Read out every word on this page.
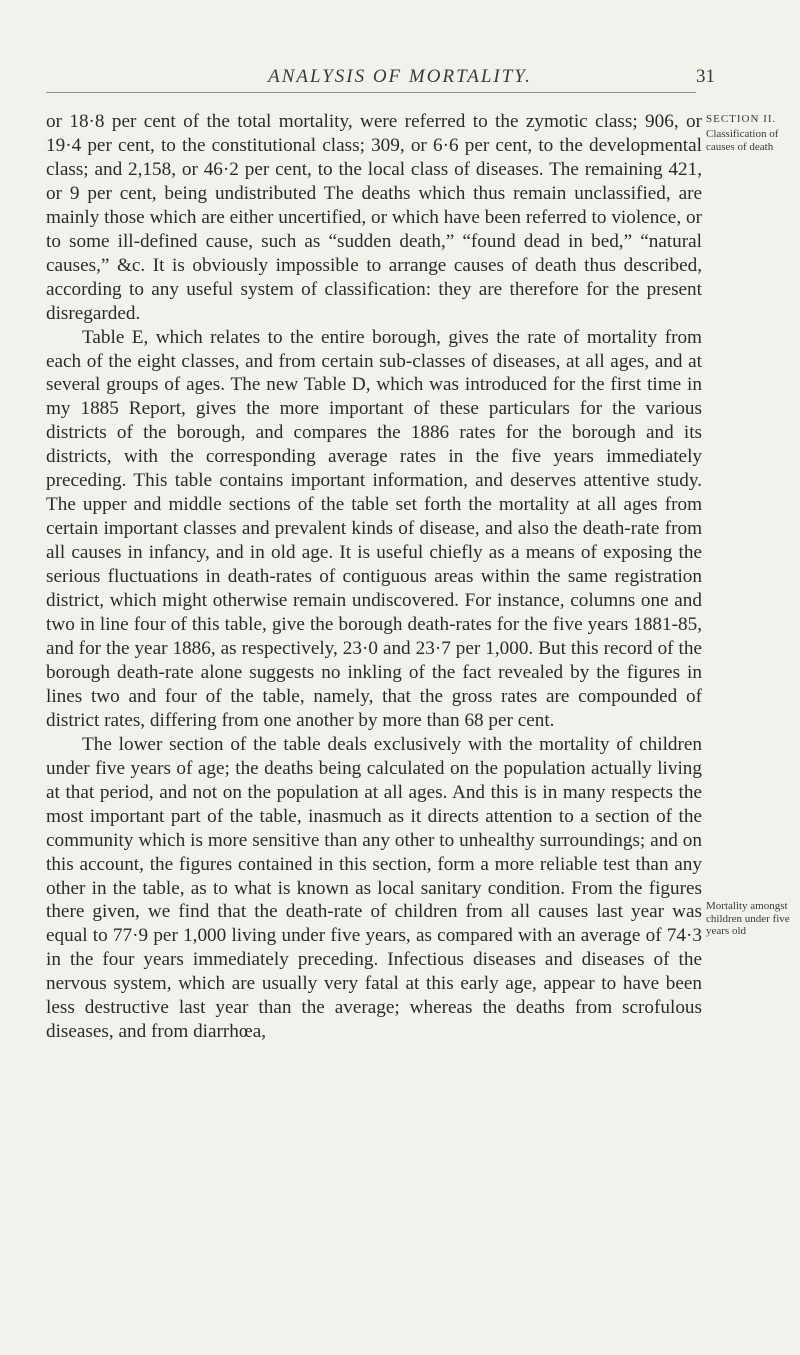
ANALYSIS OF MORTALITY.	31

or 18·8 per cent of the total mortality, were referred to the zymotic class; 906, or 19·4 per cent, to the constitutional class; 309, or 6·6 per cent, to the developmental class; and 2,158, or 46·2 per cent, to the local class of diseases. The remaining 421, or 9 per cent, being undistributed The deaths which thus remain unclassified, are mainly those which are either uncertified, or which have been referred to violence, or to some ill-defined cause, such as “sudden death,” “found dead in bed,” “natural causes,” &c. It is obviously impossible to arrange causes of death thus described, according to any useful system of classification: they are therefore for the present disregarded.

Table E, which relates to the entire borough, gives the rate of mortality from each of the eight classes, and from certain sub-classes of diseases, at all ages, and at several groups of ages. The new Table D, which was introduced for the first time in my 1885 Report, gives the more important of these particulars for the various districts of the borough, and compares the 1886 rates for the borough and its districts, with the corresponding average rates in the five years immediately preceding. This table contains important information, and deserves attentive study. The upper and middle sections of the table set forth the mortality at all ages from certain important classes and prevalent kinds of disease, and also the death-rate from all causes in infancy, and in old age. It is useful chiefly as a means of exposing the serious fluctuations in death-rates of contiguous areas within the same registration district, which might otherwise remain undiscovered. For instance, columns one and two in line four of this table, give the borough death-rates for the five years 1881-85, and for the year 1886, as respectively, 23·0 and 23·7 per 1,000. But this record of the borough death-rate alone suggests no inkling of the fact revealed by the figures in lines two and four of the table, namely, that the gross rates are compounded of district rates, differing from one another by more than 68 per cent.

The lower section of the table deals exclusively with the mortality of children under five years of age; the deaths being calculated on the population actually living at that period, and not on the population at all ages. And this is in many respects the most important part of the table, inasmuch as it directs attention to a section of the community which is more sensitive than any other to unhealthy surroundings; and on this account, the figures contained in this section, form a more reliable test than any other in the table, as to what is known as local sanitary condition. From the figures there given, we find that the death-rate of children from all causes last year was equal to 77·9 per 1,000 living under five years, as compared with an average of 74·3 in the four years immediately preceding. Infectious diseases and diseases of the nervous system, which are usually very fatal at this early age, appear to have been less destructive last year than the average; whereas the deaths from scrofulous diseases, and from diarrhœa,

SECTION II.
Classification of causes of death
Mortality amongst children under five years old
